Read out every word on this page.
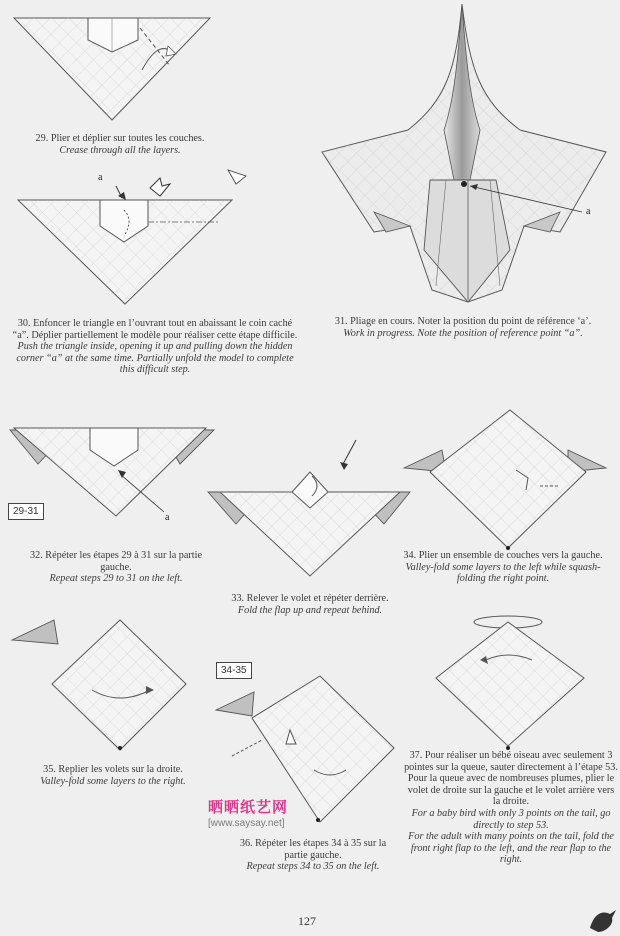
29. Plier et déplier sur toutes les couches.
Crease through all the layers.
a
30. Enfoncer le triangle en l’ouvrant tout en abaissant le coin caché “a”. Déplier partiellement le modèle pour réaliser cette étape difficile.
Push the triangle inside, opening it up and pulling down the hidden corner “a” at the same time. Partially unfold the model to complete this difficult step.
a
31. Pliage en cours. Noter la position du point de référence ‘a’.
Work in progress. Note the position of reference point “a”.
29-31
a
32. Répéter les étapes 29 à 31 sur la partie gauche.
Repeat steps 29 to 31 on the left.
33. Relever le volet et répéter derrière.
Fold the flap up and repeat behind.
34. Plier un ensemble de couches vers la gauche.
Valley-fold some layers to the left while squash-folding the right point.
34-35
35. Replier les volets sur la droite.
Valley-fold some layers to the right.
36. Répéter les étapes 34 à 35 sur la partie gauche.
Repeat steps 34 to 35 on the left.
37. Pour réaliser un bébé oiseau avec seulement 3 pointes sur la queue, sauter directement à l’étape 53.
Pour la queue avec de nombreuses plumes, plier le volet de droite sur la gauche et le volet arrière vers la droite.
For a baby bird with only 3 points on the tail, go directly to step 53.
For the adult with many points on the tail, fold the front right flap to the left, and the rear flap to the right.
晒晒纸艺网
[www.saysay.net]
127
